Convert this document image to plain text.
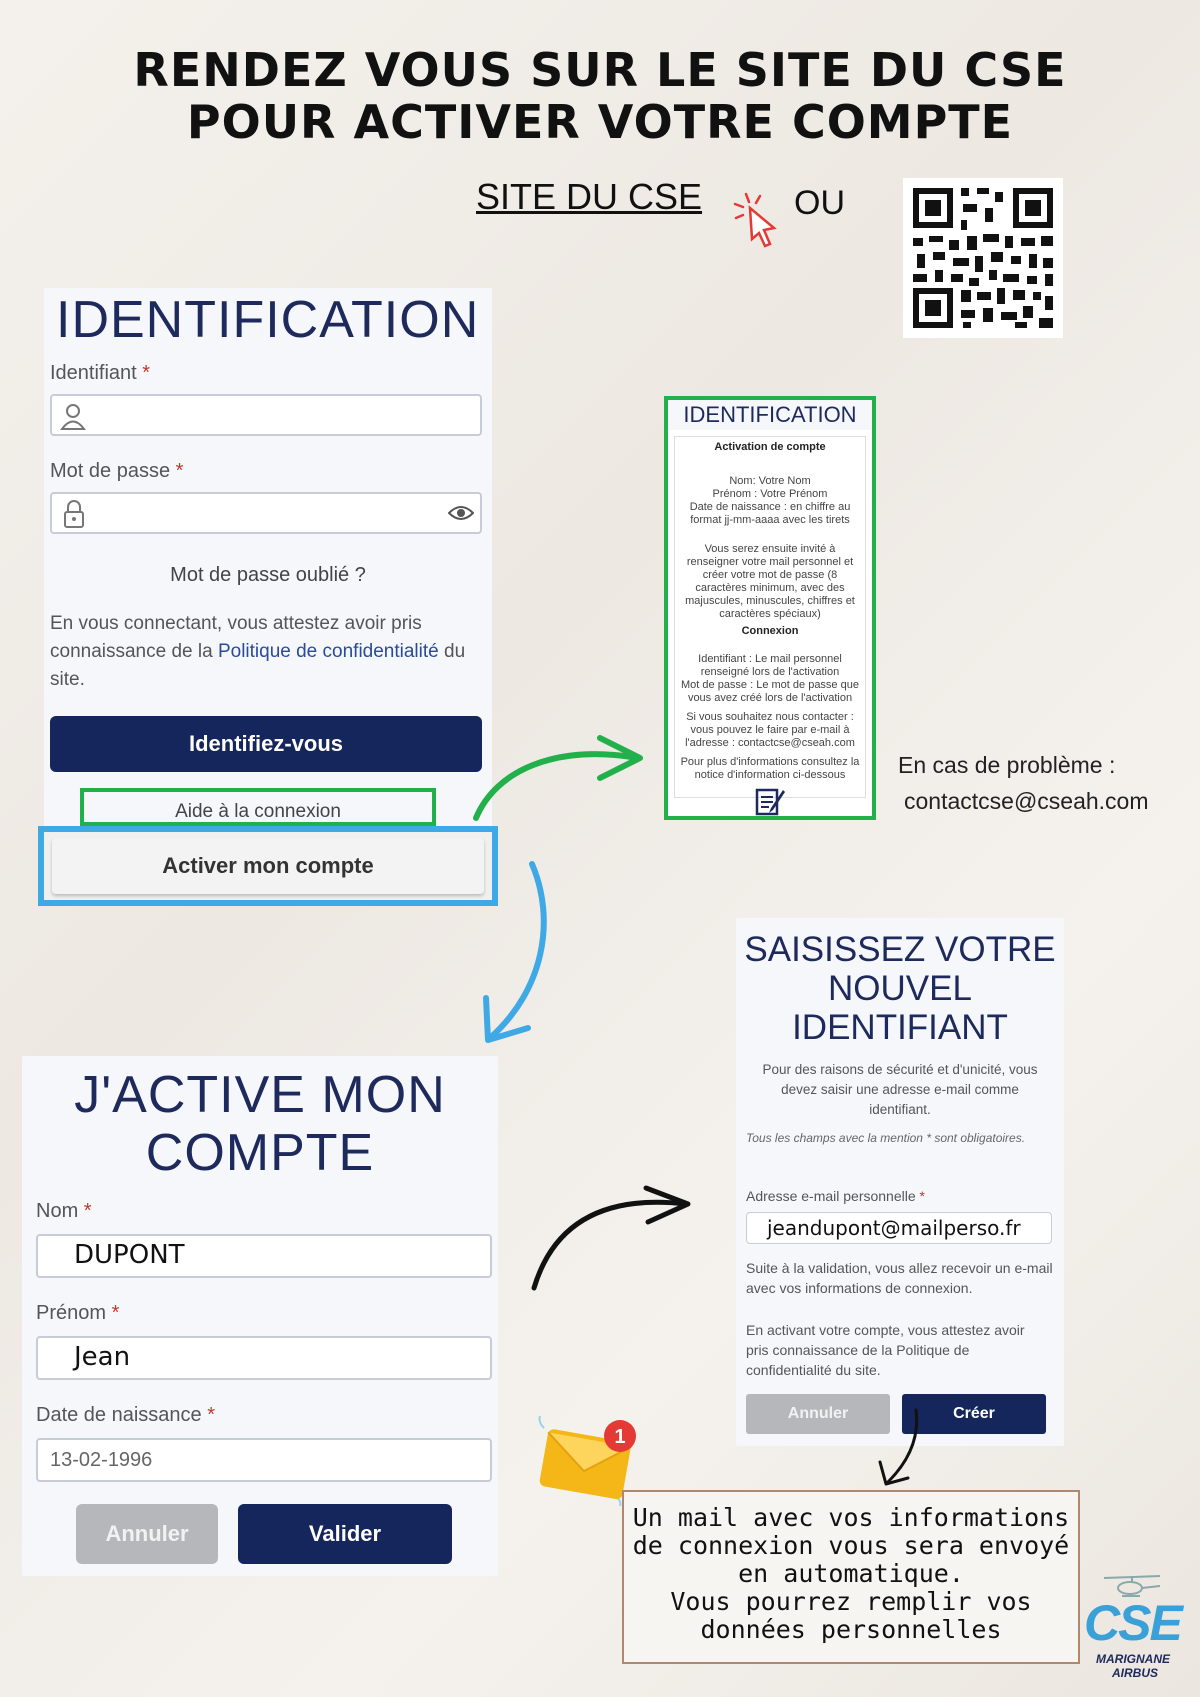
RENDEZ VOUS SUR LE SITE DU CSE
POUR ACTIVER VOTRE COMPTE
SITE DU CSE	OU
IDENTIFICATION
Identifiant *
Mot de passe *
Mot de passe oublié ?
En vous connectant, vous attestez avoir pris connaissance de la Politique de confidentialité du site.
Identifiez-vous
Aide à la connexion
Activer mon compte
IDENTIFICATION
Activation de compte
Nom: Votre Nom
Prénom : Votre Prénom
Date de naissance : en chiffre au format jj-mm-aaaa avec les tirets
Vous serez ensuite invité à renseigner votre mail personnel et créer votre mot de passe (8 caractères minimum, avec des majuscules, minuscules, chiffres et caractères spéciaux)
Connexion
Identifiant : Le mail personnel renseigné lors de l'activation
Mot de passe : Le mot de passe que vous avez créé lors de l'activation
Si vous souhaitez nous contacter : vous pouvez le faire par e-mail à l'adresse : contactcse@cseah.com
Pour plus d'informations consultez la notice d'information ci-dessous	En cas de problème :
contactcse@cseah.com
J'ACTIVE MON
COMPTE
Nom *
DUPONT
Prénom *
Jean
Date de naissance *
13-02-1996
Annuler	Valider
SAISISSEZ VOTRE
NOUVEL
IDENTIFIANT
Pour des raisons de sécurité et d'unicité, vous devez saisir une adresse e-mail comme identifiant.
Tous les champs avec la mention * sont obligatoires.
Adresse e-mail personnelle *
jeandupont@mailperso.fr
Suite à la validation, vous allez recevoir un e-mail avec vos informations de connexion.
En activant votre compte, vous attestez avoir pris connaissance de la Politique de confidentialité du site.
Annuler	Créer
1
Un mail avec vos informations
de connexion vous sera envoyé
en automatique.
Vous pourrez remplir vos
données personnelles	CSE
MARIGNANE
AIRBUS
